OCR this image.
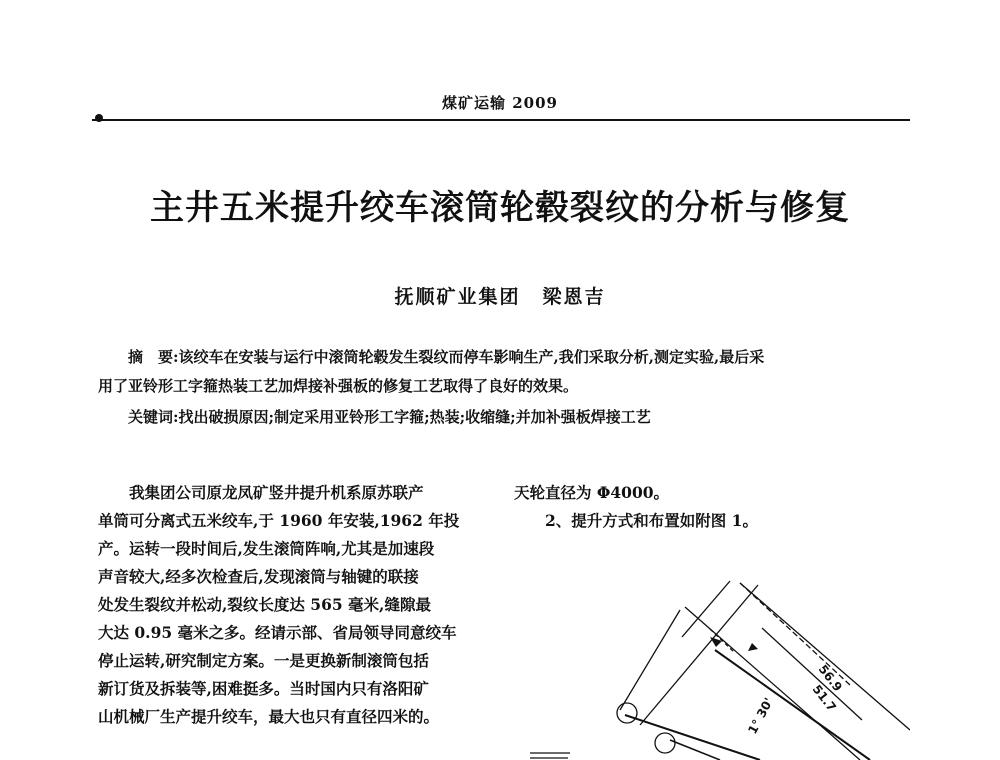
煤矿运输 2009
主井五米提升绞车滚筒轮毂裂纹的分析与修复
抚顺矿业集团 梁恩吉
摘　要:该绞车在安装与运行中滚筒轮毂发生裂纹而停车影响生产,我们采取分析,测定实验,最后采
用了亚铃形工字箍热装工艺加焊接补强板的修复工艺取得了良好的效果。
关键词:找出破损原因;制定采用亚铃形工字箍;热装;收缩缝;并加补强板焊接工艺
我集团公司原龙凤矿竖井提升机系原苏联产
单筒可分离式五米绞车,于 1960 年安装,1962 年投
产。运转一段时间后,发生滚筒阵响,尤其是加速段
声音较大,经多次检查后,发现滚筒与轴键的联接
处发生裂纹并松动,裂纹长度达 565 毫米,缝隙最
大达 0.95 毫米之多。经请示部、省局领导同意绞车
停止运转,研究制定方案。一是更换新制滚筒包括
新订货及拆装等,困难挺多。当时国内只有洛阳矿
山机械厂生产提升绞车，最大也只有直径四米的。
天轮直径为 Φ4000。
2、提升方式和布置如附图 1。
56.9
51.7
1° 30'
